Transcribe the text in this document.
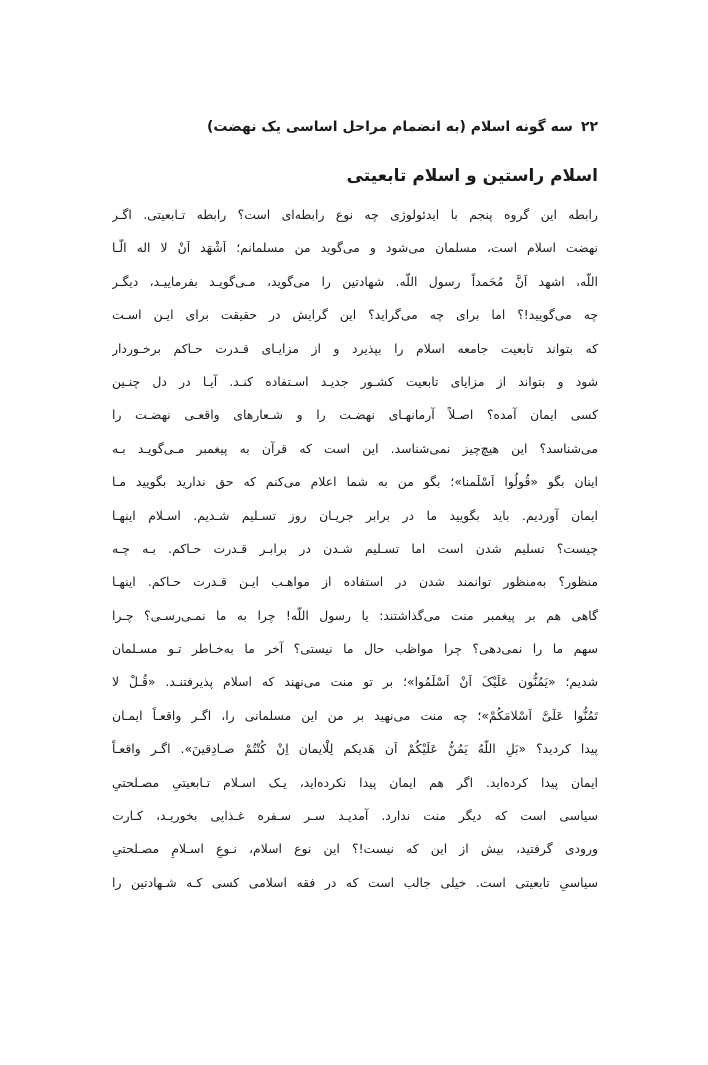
۲۲
سه گونه اسلام (به انضمام مراحل اساسی یک نهضت)
اسلام راستین و اسلام تابعیتی
رابطه این گروه پنجم با ایدئولوژی چه نوع رابطه‌ای است؟ رابطه تـابعیتی. اگـر
نهضت اسلام است، مسلمان می‌شود و می‌گوید من مسلمانم؛ اَشْهَد اَنْ لا اله الّـا
اللّه، اشهد اَنَّ مُحَمداً رسول اللّه. شهادتین را می‌گوید، مـی‌گویـد بفرماییـد، دیگـر
چه می‌گویید!؟ اما برای چه می‌گراید؟ این گرایش در حقیقت برای ایـن اسـت
که بتواند تابعیت جامعه اسلام را بپذیرد و از مزایـای قـدرت حـاکم برخـوردار
شود و بتواند از مزایای تابعیت کشـور جدیـد اسـتفاده کنـد. آیـا در دل چنـین
کسی ایمان آمده؟ اصـلاً آرمانهـای نهضـت را و شـعارهای واقعـی نهضـت را
می‌شناسد؟ این هیچ‌چیز نمی‌شناسد. این است که قرآن به پیغمبر مـی‌گویـد بـه
اینان بگو «قُولُوا اَسْلَمنا»؛ بگو من به شما اعلام می‌کنم که حق ندارید بگویید مـا
ایمان آوردیم. باید بگویید ما در برابر جریـان روز تسـلیم شـدیم. اسـلام اینهـا
چیست؟ تسلیم شدن است اما تسـلیم شـدن در برابـر قـدرت حـاکم. بـه چـه
منظور؟ به‌منظور توانمند شدن در استفاده از مواهـب ایـن قـدرت حـاکم. اینهـا
گاهی هم بر پیغمبر منت می‌گذاشتند: یا رسول اللّه! چرا به ما نمـی‌رسـی؟ چـرا
سهم ما را نمی‌دهی؟ چرا مواظب حال ما نیستی؟ آخر ما به‌خـاطر تـو مسـلمان
شدیم؛ «یَمُنُّون عَلَیْکَ اَنْ اَسْلَمُوا»؛ بر تو منت می‌نهند که اسلام پذیرفتنـد. «قُـلْ لا
تَمُنُّوا عَلَیَّ اَسْلامَکُمْ»؛ چه منت می‌نهید بر من این مسلمانی را، اگـر واقعـاً ایمـان
پیدا کردید؟ «بَلِ اللّهُ یَمُنُّ عَلَیْکُمْ اَن هَدیکم لِلْایمان اِنْ کُنْتُمْ صـادِقینَ». اگـر واقعـاً
ایمان پیدا کرده‌اید. اگر هم ایمان پیدا نکرده‌اید، یـک اسـلام تـابعیتیِ مصـلحتیِ
سیاسی است که دیگر منت ندارد. آمدیـد سـر سـفره غـذایی بخوریـد، کـارت
ورودی گرفتید، بیش از این که نیست!؟ این نوع اسلام، نـوعِ اسـلامِ مصـلحتیِ
سیاسیِ تابعیتی است. خیلی جالب است که در فقه اسلامی کسی کـه شـهادتین را
